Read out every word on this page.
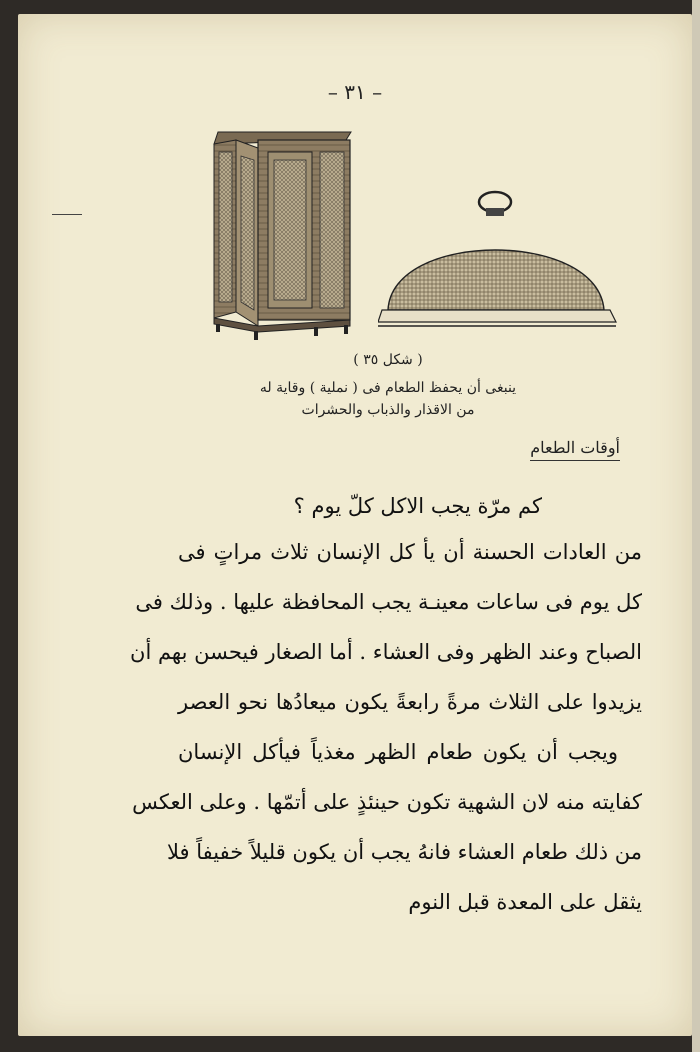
– ٣١ –
( شكل ٣٥ )
ينبغى أن يحفظ الطعام فى ( نملية ) وقاية له
من الاقذار والذباب والحشرات
أوقات الطعام
كم مرّة يجب الاكل كلّ يوم ؟
من العادات الحسنة أن يأ كل الإنسان ثلاث مراتٍ فى
كل يوم فى ساعات معينـة يجب المحافظة عليها . وذلك فى
الصباح وعند الظهر وفى العشاء . أما الصغار فيحسن بهم أن
يزيدوا على الثلاث مرةً رابعةً يكون ميعادُها نحو العصر
ويجب أن يكون طعام الظهر مغذياً فيأكل الإنسان
كفايته منه لان الشهية تكون حينئذٍ على أتمّها . وعلى العكس
من ذلك طعام العشاء فانهُ يجب أن يكون قليلاً خفيفاً فلا
يثقل على المعدة قبل النوم
